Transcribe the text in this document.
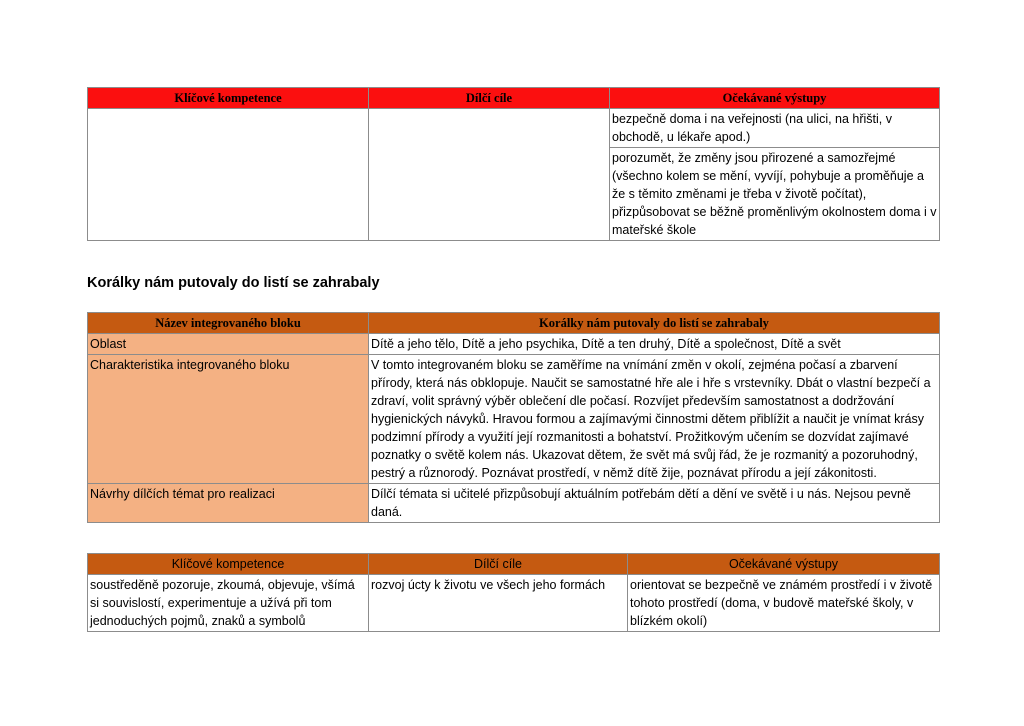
Klíčové kompetence	Dílčí cíle	Očekávané výstupy
		bezpečně doma i na veřejnosti (na ulici, na hřišti, v obchodě, u lékaře apod.)
		porozumět, že změny jsou přirozené a samozřejmé (všechno kolem se mění, vyvíjí, pohybuje a proměňuje a že s těmito změnami je třeba v životě počítat), přizpůsobovat se běžně proměnlivým okolnostem doma i v mateřské škole
Korálky nám putovaly do listí se zahrabaly
Název integrovaného bloku	Korálky nám putovaly do listí se zahrabaly
Oblast	Dítě a jeho tělo, Dítě a jeho psychika, Dítě a ten druhý, Dítě a společnost, Dítě a svět
Charakteristika integrovaného bloku	V tomto integrovaném bloku se zaměříme na vnímání změn v okolí, zejména počasí a zbarvení přírody, která nás obklopuje. Naučit se samostatné hře ale i hře s vrstevníky. Dbát o vlastní bezpečí a zdraví, volit správný výběr oblečení dle počasí. Rozvíjet především samostatnost a dodržování hygienických návyků. Hravou formou a zajímavými činnostmi dětem přiblížit a naučit je vnímat krásy podzimní přírody a využití její rozmanitosti a bohatství. Prožitkovým učením se dozvídat zajímavé poznatky o světě kolem nás. Ukazovat dětem, že svět má svůj řád, že je rozmanitý a pozoruhodný, pestrý a různorodý. Poznávat prostředí, v němž dítě žije, poznávat přírodu a její zákonitosti.
Návrhy dílčích témat pro realizaci	Dílčí témata si učitelé přizpůsobují aktuálním potřebám dětí a dění ve světě i u nás. Nejsou pevně daná.
Klíčové kompetence	Dílčí cíle	Očekávané výstupy
soustředěně pozoruje, zkoumá, objevuje, všímá si souvislostí, experimentuje a užívá při tom jednoduchých pojmů, znaků a symbolů	rozvoj úcty k životu ve všech jeho formách	orientovat se bezpečně ve známém prostředí i v životě tohoto prostředí (doma, v budově mateřské školy, v blízkém okolí)
